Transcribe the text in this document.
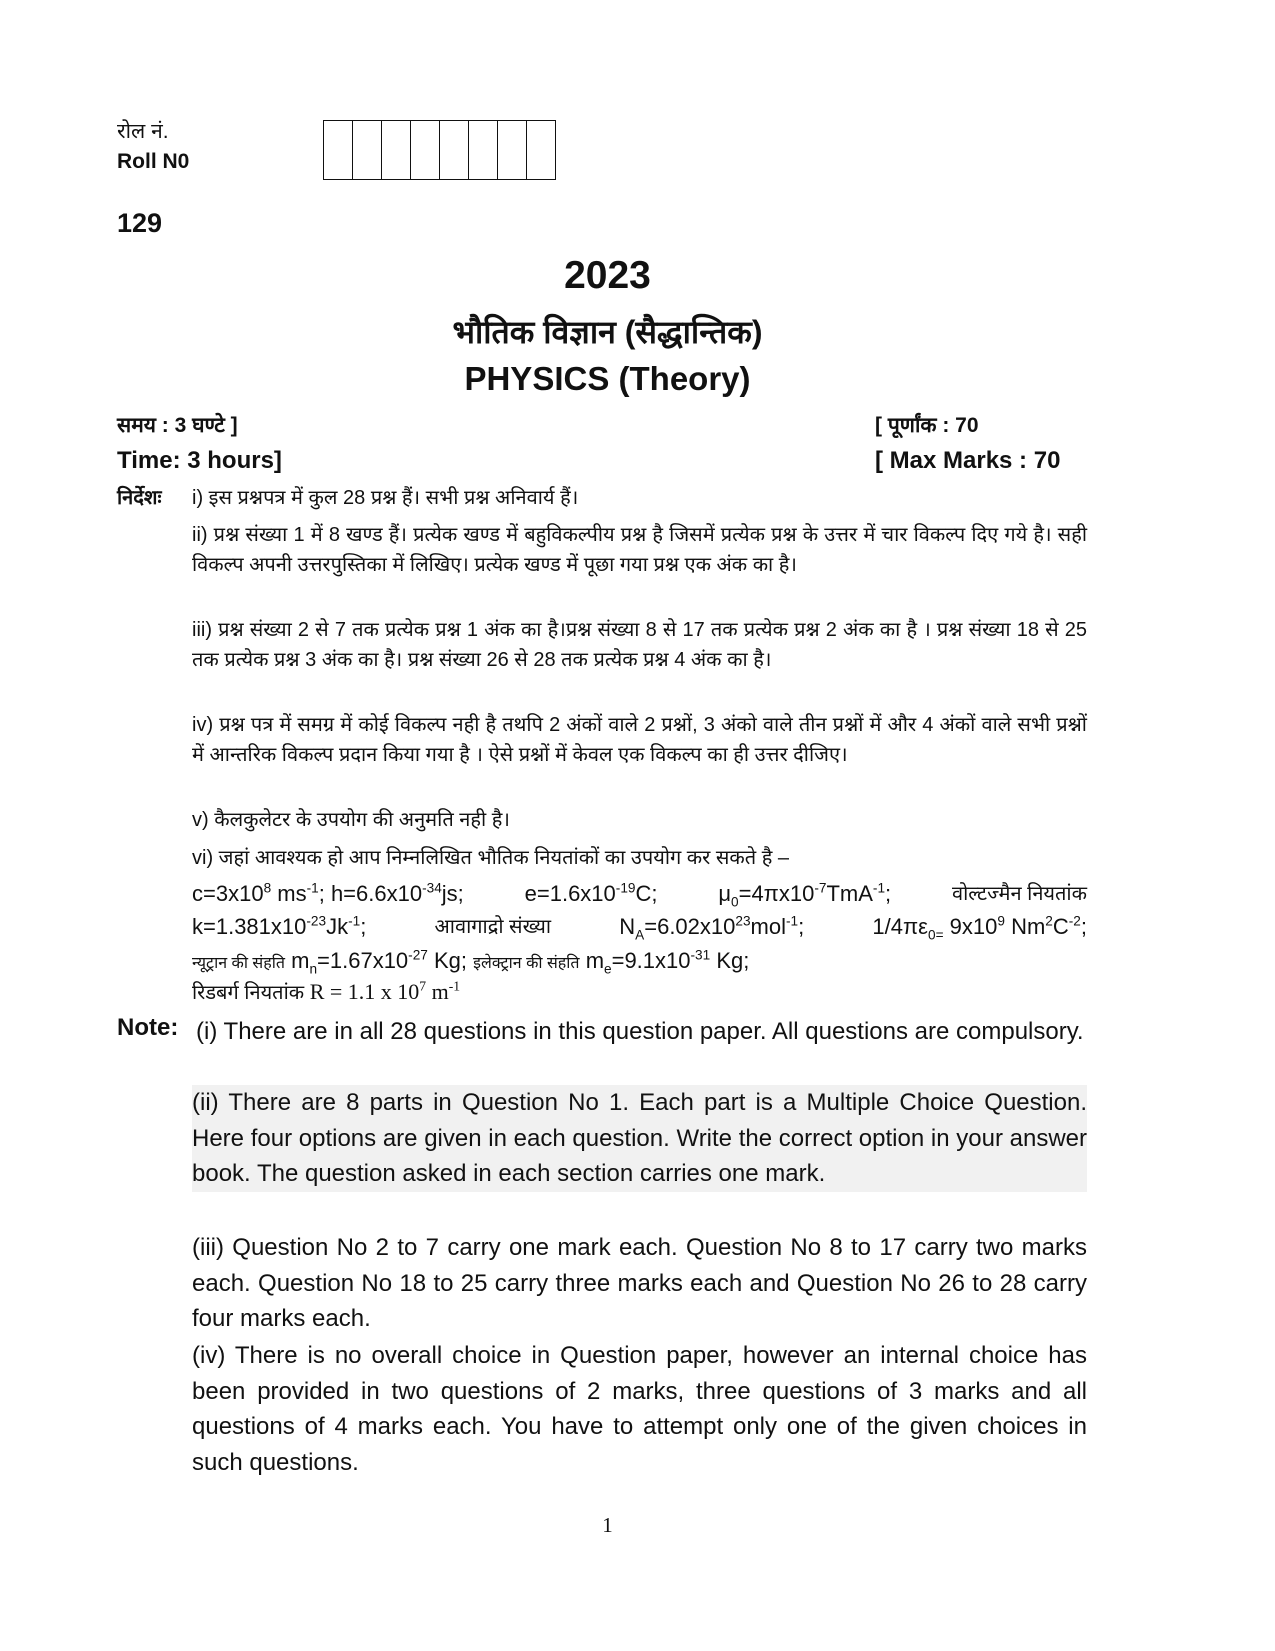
रोल नं.
Roll N0
129
2023
भौतिक विज्ञान (सैद्धान्तिक)
PHYSICS (Theory)
समय : 3 घण्टे ]	[ पूर्णांक : 70
Time: 3 hours]	[ Max Marks : 70
निर्देशः i) इस प्रश्नपत्र में कुल 28 प्रश्न हैं। सभी प्रश्न अनिवार्य हैं।
ii) प्रश्न संख्या 1 में 8 खण्ड हैं। प्रत्येक खण्ड में बहुविकल्पीय प्रश्न है जिसमें प्रत्येक प्रश्न के उत्तर में चार विकल्प दिए गये है। सही विकल्प अपनी उत्तरपुस्तिका में लिखिए। प्रत्येक खण्ड में पूछा गया प्रश्न एक अंक का है।
iii) प्रश्न संख्या 2 से 7 तक प्रत्येक प्रश्न 1 अंक का है।प्रश्न संख्या 8 से 17 तक प्रत्येक प्रश्न 2 अंक का है । प्रश्न संख्या 18 से 25 तक प्रत्येक प्रश्न 3 अंक का है। प्रश्न संख्या 26 से 28 तक प्रत्येक प्रश्न 4 अंक का है।
iv) प्रश्न पत्र में समग्र में कोई विकल्प नही है तथपि 2 अंकों वाले 2 प्रश्नों, 3 अंको वाले तीन प्रश्नों में और 4 अंकों वाले सभी प्रश्नों में आन्तरिक विकल्प प्रदान किया गया है । ऐसे प्रश्नों में केवल एक विकल्प का ही उत्तर दीजिए।
v) कैलकुलेटर के उपयोग की अनुमति नही है।
vi) जहां आवश्यक हो आप निम्नलिखित भौतिक नियतांकों का उपयोग कर सकते है –
$c=3x10^8$ $ms^{-1}$; $h=6.6x10^{-34}js$;	$e=1.6x10^{-19}C$;	$\mu_0=4\pi x10^{-7}TmA^{-1}$;	वोल्टज्मैन नियतांक
$k=1.381x10^{-23}Jk^{-1}$;	आवागाद्रो संख्या	$N_A=6.02x10^{23}mol^{-1}$;	$1/4\pi\varepsilon_{0=}$ $9x10^9$ $Nm^2C^{-2}$;
न्यूट्रान की संहति $m_n=1.67x10^{-27}$ Kg; इलेक्ट्रान की संहति $m_e=9.1x10^{-31}$ Kg;
रिडबर्ग नियतांक R = 1.1 x $10^7$ $m^{-1}$
Note: (i) There are in all 28 questions in this question paper. All questions are compulsory.
(ii) There are 8 parts in Question No 1. Each part is a Multiple Choice Question. Here four options are given in each question. Write the correct option in your answer book. The question asked in each section carries one mark.
(iii) Question No 2 to 7 carry one mark each. Question No 8 to 17 carry two marks each. Question No 18 to 25 carry three marks each and Question No 26 to 28 carry four marks each.
(iv) There is no overall choice in Question paper, however an internal choice has been provided in two questions of 2 marks, three questions of 3 marks and all questions of 4 marks each. You have to attempt only one of the given choices in such questions.
1
